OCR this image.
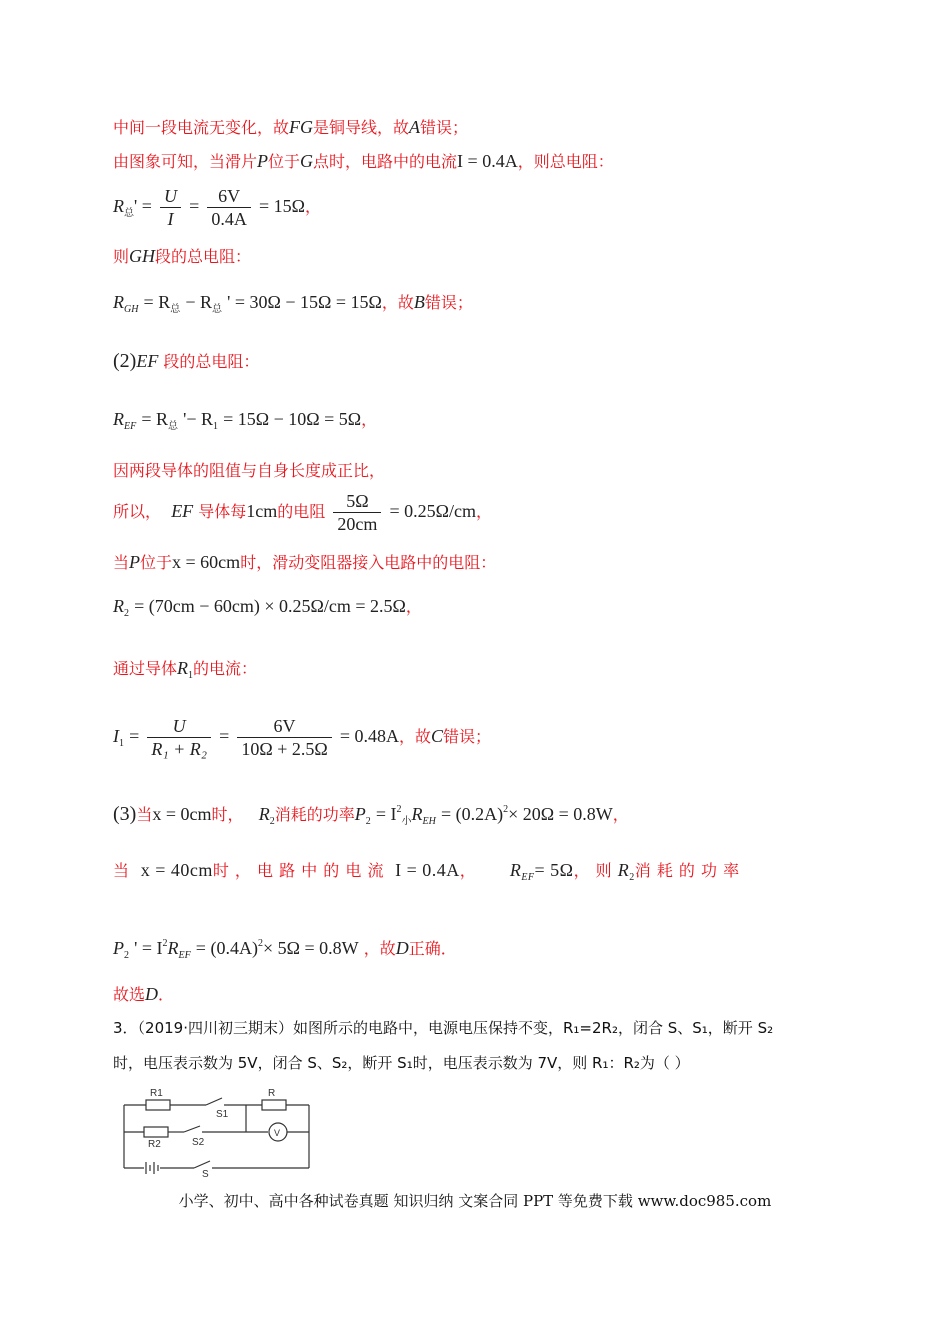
中间一段电流无变化，故FG是铜导线，故A错误；
由图象可知，当滑片P位于G点时，电路中的电流I = 0.4A，则总电阻：
$R_总' = \frac{U}{I} = \frac{6V}{0.4A} = 15\Omega$，
则GH段的总电阻：
$R_{GH} = R_总 - R_总$ ' = 30Ω − 15Ω = 15Ω，故B错误；
(2)EF 段的总电阻：
$R_{EF} = R_总$ '− $R_1 = 15\Omega - 10\Omega = 5\Omega$，
因两段导体的阻值与自身长度成正比，
所以， EF 导体每1cm的电阻 $\frac{5\Omega}{20cm} = 0.25\Omega/cm$，
当P位于x = 60cm时，滑动变阻器接入电路中的电阻：
$R_2 = (70cm - 60cm) \times 0.25\Omega/cm = 2.5\Omega$，
通过导体$R_1$的电流：
$I_1 = \frac{U}{\text{R₁ + R₂}} = \frac{6V}{10\Omega + 2.5\Omega} = 0.48A$，故C错误；
(3)当x = 0cm时， $R_2$消耗的功率$P_2 = I^2_小R_{EH} = (0.2A)^2\times 20\Omega = 0.8W$，
当 x = 40cm时 ， 电 路 中 的 电 流 I = 0.4A， $R_{EF}= 5\Omega$， 则 $R_2$消 耗 的 功 率
$P_2$ ' = $I^2R_{EF} = (0.4A)^2\times 5\Omega = 0.8W$ ，故D正确．
故选D．
3．（2019·四川初三期末）如图所示的电路中，电源电压保持不变，R₁=2R₂，闭合 S、S₁，断开 S₂
时，电压表示数为 5V，闭合 S、S₂，断开 S₁时，电压表示数为 7V，则 R₁：R₂为（ ）
R1	R
R2
S1
S2
S
V
小学、初中、高中各种试卷真题 知识归纳 文案合同 PPT 等免费下载 www.doc985.com
